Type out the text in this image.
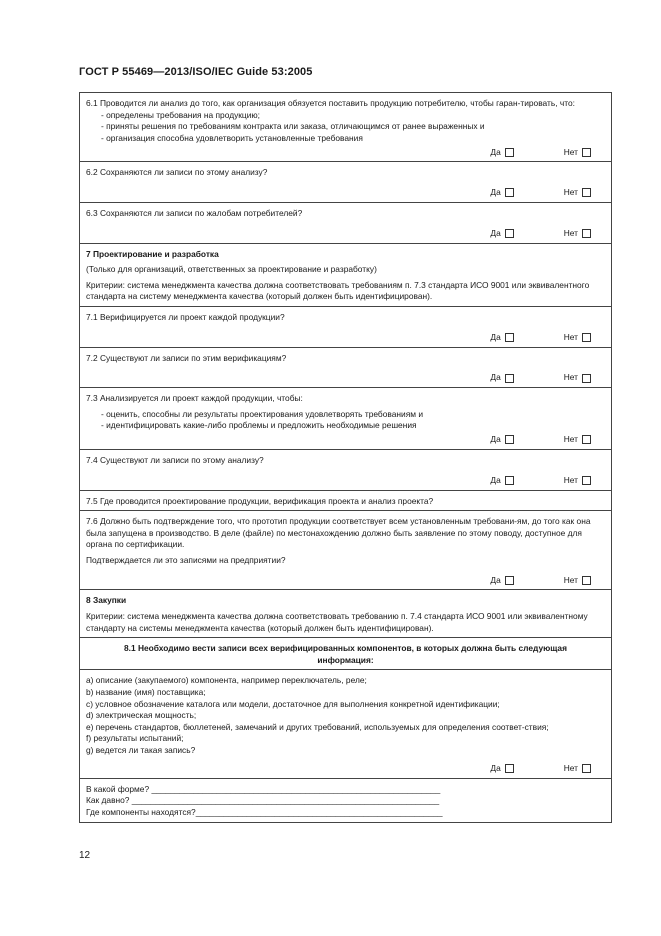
ГОСТ Р 55469—2013/ISO/IEC Guide 53:2005

6.1 Проводится ли анализ до того, как организация обязуется поставить продукцию потребителю, чтобы гаран-тировать, что:

- определены требования на продукцию;

- приняты решения по требованиям контракта или заказа, отличающимся от ранее выраженных и

- организация способна удовлетворить установленные требования

Да	Нет

6.2 Сохраняются ли записи по этому анализу?

Да	Нет

6.3 Сохраняются ли записи по жалобам потребителей?

Да	Нет

7 Проектирование и разработка

(Только для организаций, ответственных за проектирование и разработку)

Критерии: система менеджмента качества должна соответствовать требованиям п. 7.3 стандарта ИСО 9001 или эквивалентного стандарта на систему менеджмента качества (который должен быть идентифицирован).

7.1 Верифицируется ли проект каждой продукции?

Да	Нет

7.2 Существуют ли записи по этим верификациям?

Да	Нет

7.3 Анализируется ли проект каждой продукции, чтобы:

- оценить, способны ли результаты проектирования удовлетворять требованиям и

- идентифицировать какие-либо проблемы и предложить необходимые решения

Да	Нет

7.4 Существуют ли записи по этому анализу?

Да	Нет

7.5 Где проводится проектирование продукции, верификация проекта и анализ проекта?

7.6 Должно быть подтверждение того, что прототип продукции соответствует всем установленным требовани-ям, до того как она была запущена в производство. В деле (файле) по местонахождению должно быть заявление по этому поводу, доступное для органа по сертификации.

Подтверждается ли это записями на предприятии?

Да	Нет

8 Закупки

Критерии: система менеджмента качества должна соответствовать требованию п. 7.4 стандарта ИСО 9001 или эквивалентному стандарту на системы менеджмента качества (который должен быть идентифицирован).

8.1 Необходимо вести записи всех верифицированных компонентов, в которых должна быть следующая информация:

а) описание (закупаемого) компонента, например переключатель, реле;

b) название (имя) поставщика;

c) условное обозначение каталога или модели, достаточное для выполнения конкретной идентификации;

d) электрическая мощность;

e) перечень стандартов, бюллетеней, замечаний и других требований, используемых для определения соответ-ствия;

f) результаты испытаний;

g) ведется ли такая запись?

Да	Нет

В какой форме? ______________________________________________________________

Как давно? __________________________________________________________________

Где компоненты находятся?_____________________________________________________

12
